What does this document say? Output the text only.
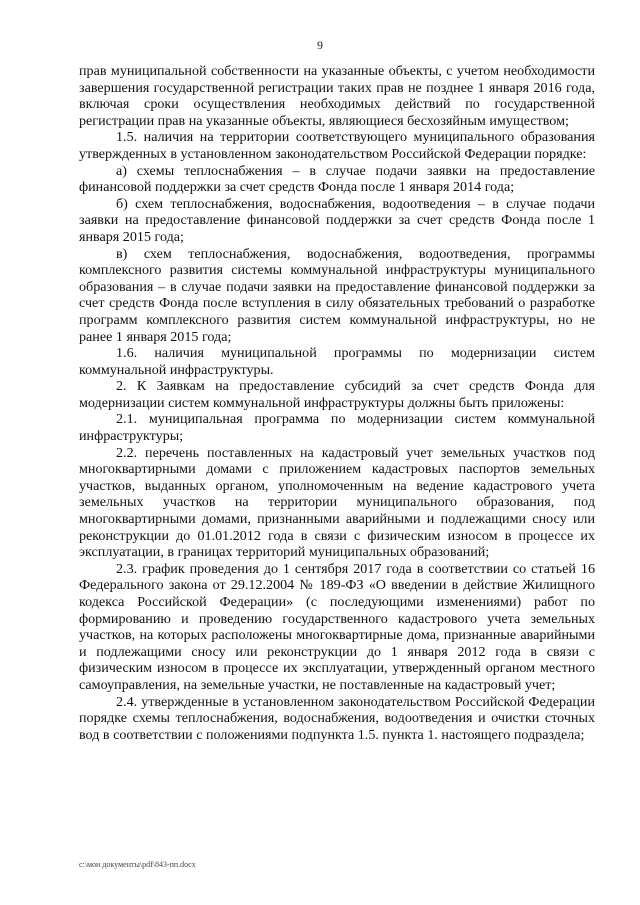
9

прав муниципальной собственности на указанные объекты, с учетом необходимости завершения государственной регистрации таких прав не позднее 1 января 2016 года, включая сроки осуществления необходимых действий по государственной регистрации прав на указанные объекты, являющиеся бесхозяйным имуществом;

1.5. наличия на территории соответствующего муниципального образования утвержденных в установленном законодательством Российской Федерации порядке:

а) схемы теплоснабжения – в случае подачи заявки на предоставление финансовой поддержки за счет средств Фонда после 1 января 2014 года;

б) схем теплоснабжения, водоснабжения, водоотведения – в случае подачи заявки на предоставление финансовой поддержки за счет средств Фонда после 1 января 2015 года;

в) схем теплоснабжения, водоснабжения, водоотведения, программы комплексного развития системы коммунальной инфраструктуры муниципального образования – в случае подачи заявки на предоставление финансовой поддержки за счет средств Фонда после вступления в силу обязательных требований о разработке программ комплексного развития систем коммунальной инфраструктуры, но не ранее 1 января 2015 года;

1.6. наличия муниципальной программы по модернизации систем коммунальной инфраструктуры.

2. К Заявкам на предоставление субсидий за счет средств Фонда для модернизации систем коммунальной инфраструктуры должны быть приложены:

2.1. муниципальная программа по модернизации систем коммунальной инфраструктуры;

2.2. перечень поставленных на кадастровый учет земельных участков под многоквартирными домами с приложением кадастровых паспортов земельных участков, выданных органом, уполномоченным на ведение кадастрового учета земельных участков на территории муниципального образования, под многоквартирными домами, признанными аварийными и подлежащими сносу или реконструкции до 01.01.2012 года в связи с физическим износом в процессе их эксплуатации, в границах территорий муниципальных образований;

2.3. график проведения до 1 сентября 2017 года в соответствии со статьей 16 Федерального закона от 29.12.2004 № 189-ФЗ «О введении в действие Жилищного кодекса Российской Федерации» (с последующими изменениями) работ по формированию и проведению государственного кадастрового учета земельных участков, на которых расположены многоквартирные дома, признанные аварийными и подлежащими сносу или реконструкции до 1 января 2012 года в связи с физическим износом в процессе их эксплуатации, утвержденный органом местного самоуправления, на земельные участки, не поставленные на кадастровый учет;

2.4. утвержденные в установленном законодательством Российской Федерации порядке схемы теплоснабжения, водоснабжения, водоотведения и очистки сточных вод в соответствии с положениями подпункта 1.5. пункта 1. настоящего подраздела;

c:\мои документы\pdf\843-пп.docx
